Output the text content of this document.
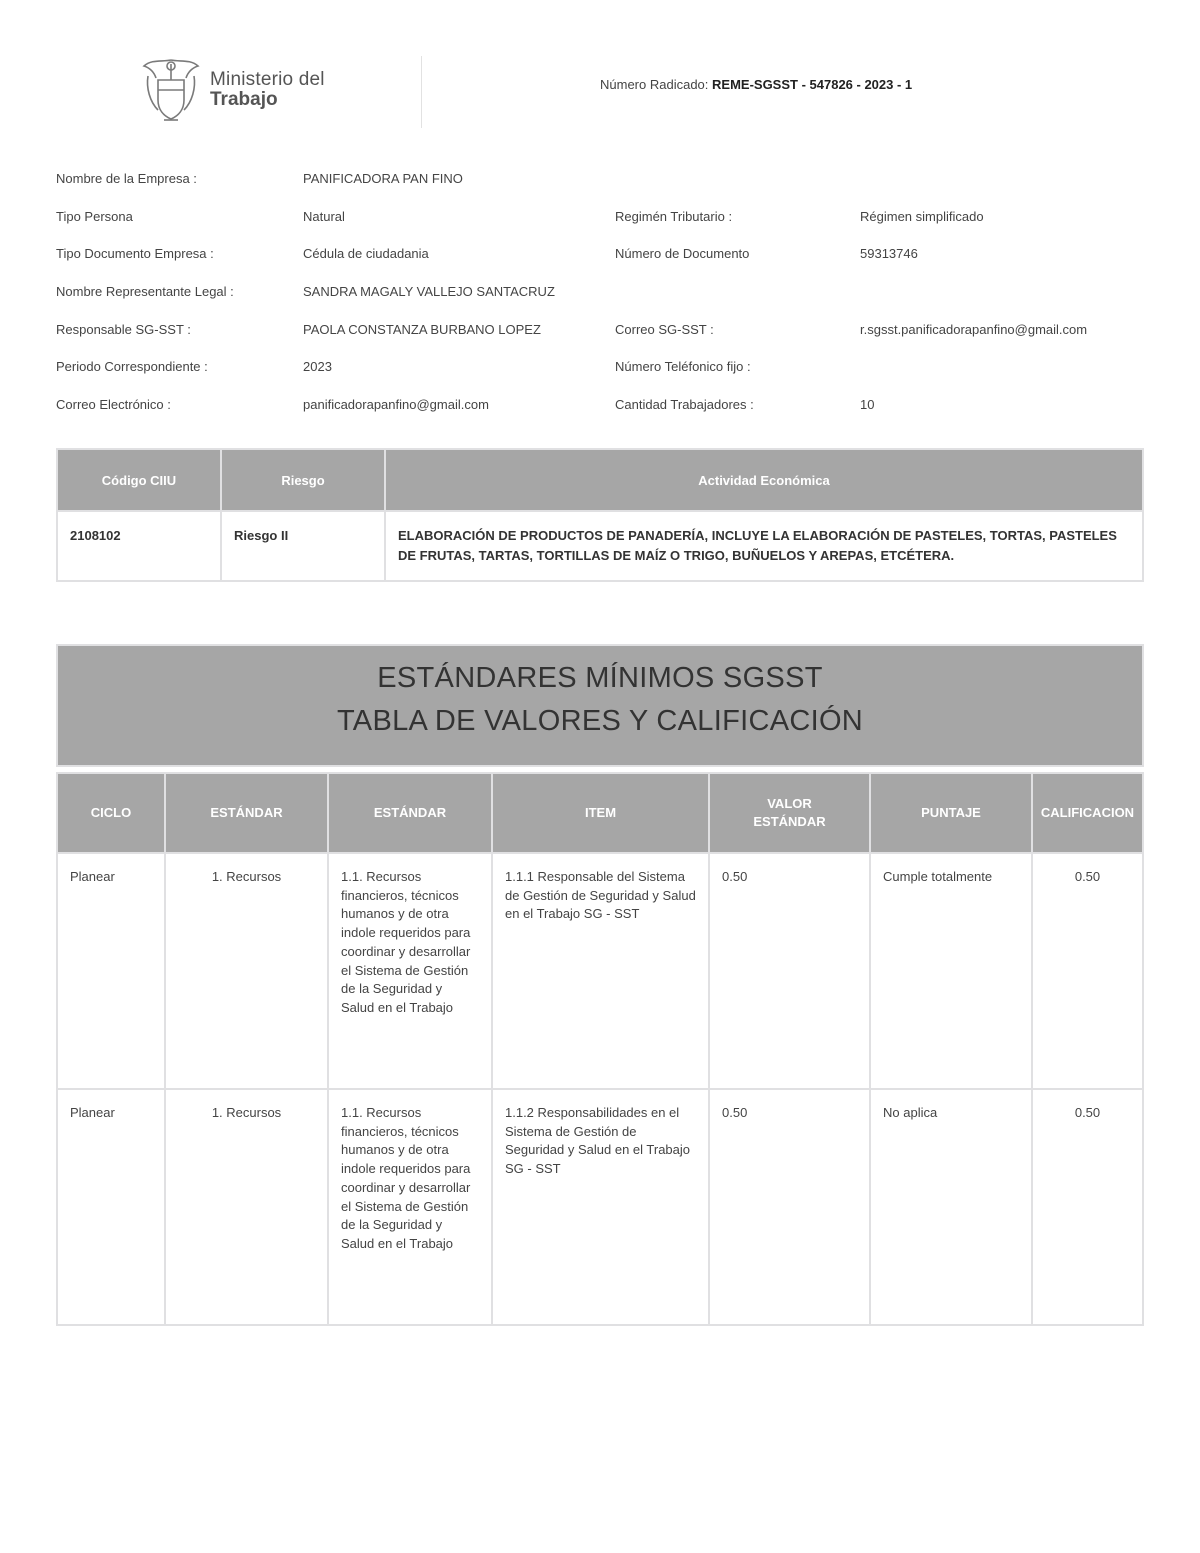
Ministerio del
Trabajo
Número Radicado: REME-SGSST - 547826 - 2023 - 1
Nombre de la Empresa :	PANIFICADORA PAN FINO
Tipo Persona	Natural	Regimén Tributario :	Régimen simplificado
Tipo Documento Empresa :	Cédula de ciudadania	Número de Documento	59313746
Nombre Representante Legal :	SANDRA MAGALY VALLEJO SANTACRUZ
Responsable SG-SST :	PAOLA CONSTANZA BURBANO LOPEZ	Correo SG-SST :	r.sgsst.panificadorapanfino@gmail.com
Periodo Correspondiente :	2023	Número Teléfonico fijo :
Correo Electrónico :	panificadorapanfino@gmail.com	Cantidad Trabajadores :	10
Código CIIU	Riesgo	Actividad Económica
2108102	Riesgo II	ELABORACIÓN DE PRODUCTOS DE PANADERÍA, INCLUYE LA ELABORACIÓN DE PASTELES, TORTAS, PASTELES DE FRUTAS, TARTAS, TORTILLAS DE MAÍZ O TRIGO, BUÑUELOS Y AREPAS, ETCÉTERA.
ESTÁNDARES MÍNIMOS SGSST
TABLA DE VALORES Y CALIFICACIÓN
CICLO	ESTÁNDAR	ESTÁNDAR	ITEM	VALOR ESTÁNDAR	PUNTAJE	CALIFICACION
Planear	1. Recursos	1.1. Recursos financieros, técnicos humanos y de otra indole requeridos para coordinar y desarrollar el Sistema de Gestión de la Seguridad y Salud en el Trabajo	1.1.1 Responsable del Sistema de Gestión de Seguridad y Salud en el Trabajo SG - SST	0.50	Cumple totalmente	0.50
Planear	1. Recursos	1.1. Recursos financieros, técnicos humanos y de otra indole requeridos para coordinar y desarrollar el Sistema de Gestión de la Seguridad y Salud en el Trabajo	1.1.2 Responsabilidades en el Sistema de Gestión de Seguridad y Salud en el Trabajo SG - SST	0.50	No aplica	0.50
